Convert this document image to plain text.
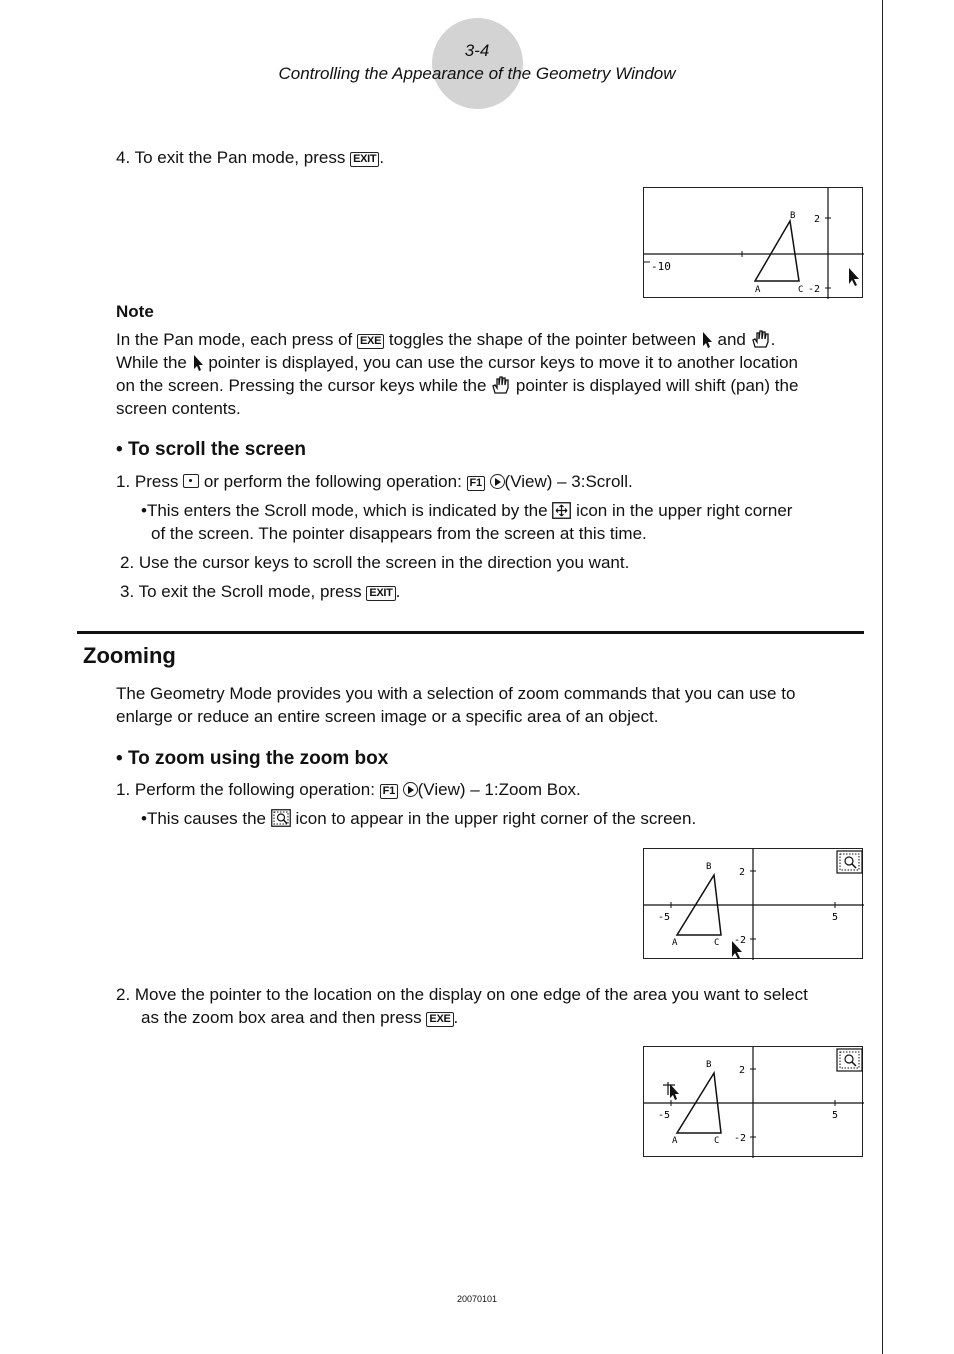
3-4
Controlling the Appearance of the Geometry Window
4. To exit the Pan mode, press EXIT .
-10
2
-2
B
A	C
Note
In the Pan mode, each press of EXE toggles the shape of the pointer between and .
While the pointer is displayed, you can use the cursor keys to move it to another location
on the screen. Pressing the cursor keys while the pointer is displayed will shift (pan) the
screen contents.
• To scroll the screen
1. Press or perform the following operation: F1 (View) – 3:Scroll.
•This enters the Scroll mode, which is indicated by the icon in the upper right corner
of the screen. The pointer disappears from the screen at this time.
2. Use the cursor keys to scroll the screen in the direction you want.
3. To exit the Scroll mode, press EXIT .
Zooming
The Geometry Mode provides you with a selection of zoom commands that you can use to
enlarge or reduce an entire screen image or a specific area of an object.
• To zoom using the zoom box
1. Perform the following operation: F1 (View) – 1:Zoom Box.
•This causes the icon to appear in the upper right corner of the screen.
-5	5
2
-2
B
A	C
2. Move the pointer to the location on the display on one edge of the area you want to select
as the zoom box area and then press EXE .
-5	5
2
-2
B
A	C
20070101
